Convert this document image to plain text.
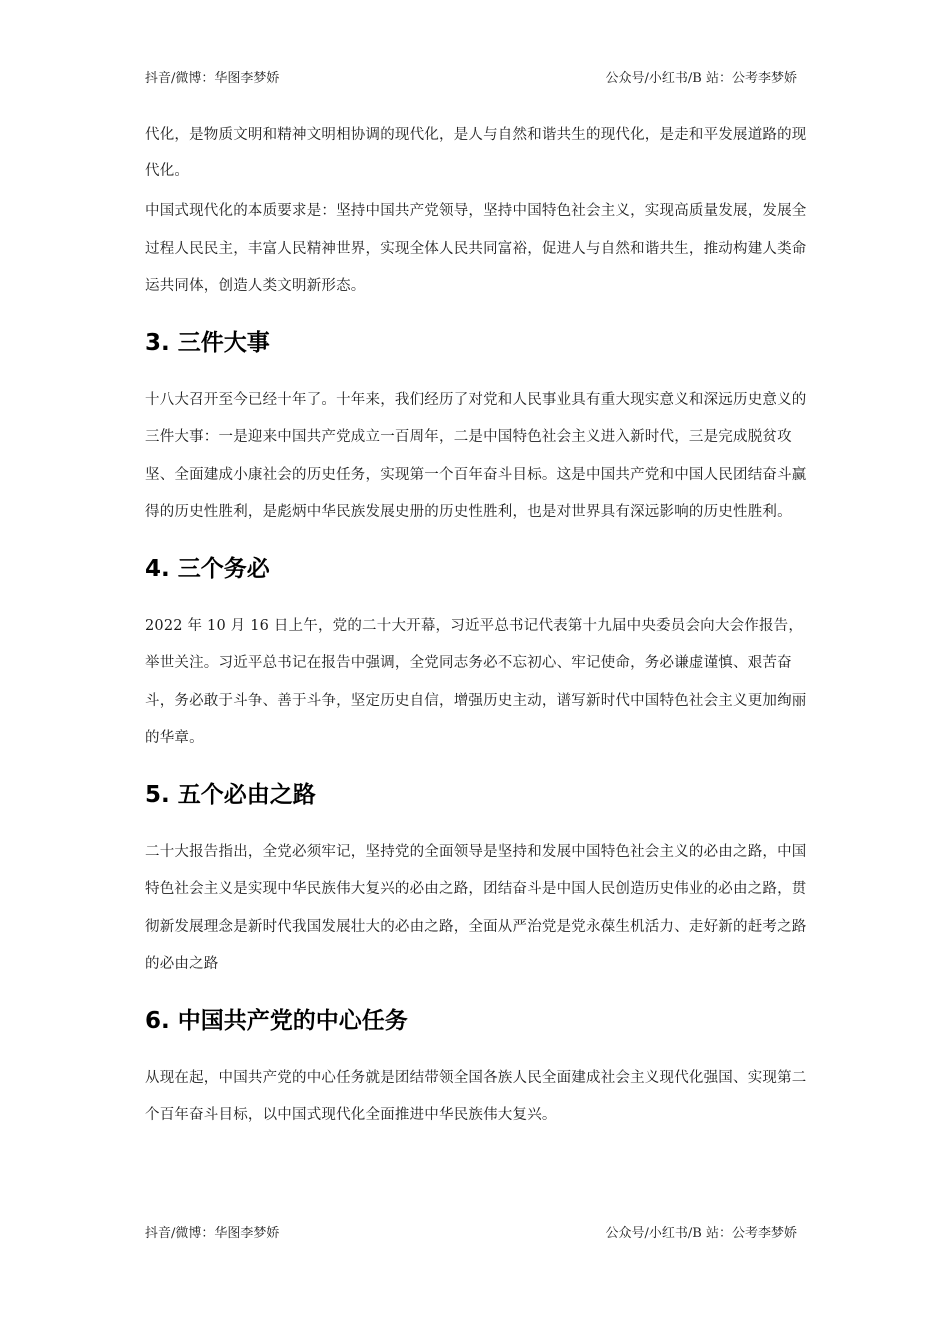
抖音/微博：华图李梦娇	公众号/小红书/B 站：公考李梦娇

代化，是物质文明和精神文明相协调的现代化，是人与自然和谐共生的现代化，是走和平发展道路的现代化。

中国式现代化的本质要求是：坚持中国共产党领导，坚持中国特色社会主义，实现高质量发展，发展全过程人民民主，丰富人民精神世界，实现全体人民共同富裕，促进人与自然和谐共生，推动构建人类命运共同体，创造人类文明新形态。

3. 三件大事

十八大召开至今已经十年了。十年来，我们经历了对党和人民事业具有重大现实意义和深远历史意义的三件大事：一是迎来中国共产党成立一百周年，二是中国特色社会主义进入新时代，三是完成脱贫攻坚、全面建成小康社会的历史任务，实现第一个百年奋斗目标。这是中国共产党和中国人民团结奋斗赢得的历史性胜利，是彪炳中华民族发展史册的历史性胜利，也是对世界具有深远影响的历史性胜利。

4. 三个务必

2022 年 10 月 16 日上午，党的二十大开幕，习近平总书记代表第十九届中央委员会向大会作报告，举世关注。习近平总书记在报告中强调，全党同志务必不忘初心、牢记使命，务必谦虚谨慎、艰苦奋斗，务必敢于斗争、善于斗争，坚定历史自信，增强历史主动，谱写新时代中国特色社会主义更加绚丽的华章。

5. 五个必由之路

二十大报告指出，全党必须牢记，坚持党的全面领导是坚持和发展中国特色社会主义的必由之路，中国特色社会主义是实现中华民族伟大复兴的必由之路，团结奋斗是中国人民创造历史伟业的必由之路，贯彻新发展理念是新时代我国发展壮大的必由之路，全面从严治党是党永葆生机活力、走好新的赶考之路的必由之路

6. 中国共产党的中心任务

从现在起，中国共产党的中心任务就是团结带领全国各族人民全面建成社会主义现代化强国、实现第二个百年奋斗目标，以中国式现代化全面推进中华民族伟大复兴。

抖音/微博：华图李梦娇	公众号/小红书/B 站：公考李梦娇
